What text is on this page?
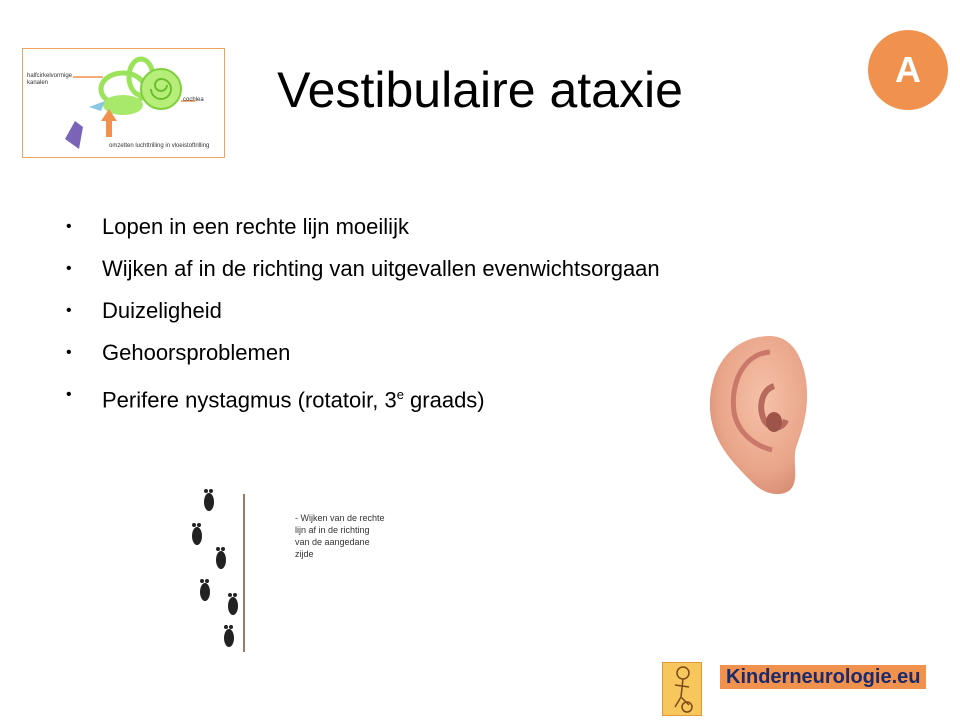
Vestibulaire ataxie	A
halfcirkelvormige kanalen
cochlea
omzetten luchttrilling in vloeistoftrilling
• Lopen in een rechte lijn moeilijk
• Wijken af in de richting van uitgevallen evenwichtsorgaan
• Duizeligheid
• Gehoorsproblemen
• Perifere nystagmus (rotatoir, 3e graads)
- Wijken van de rechte lijn af in de richting van de aangedane zijde
Kinderneurologie.eu
